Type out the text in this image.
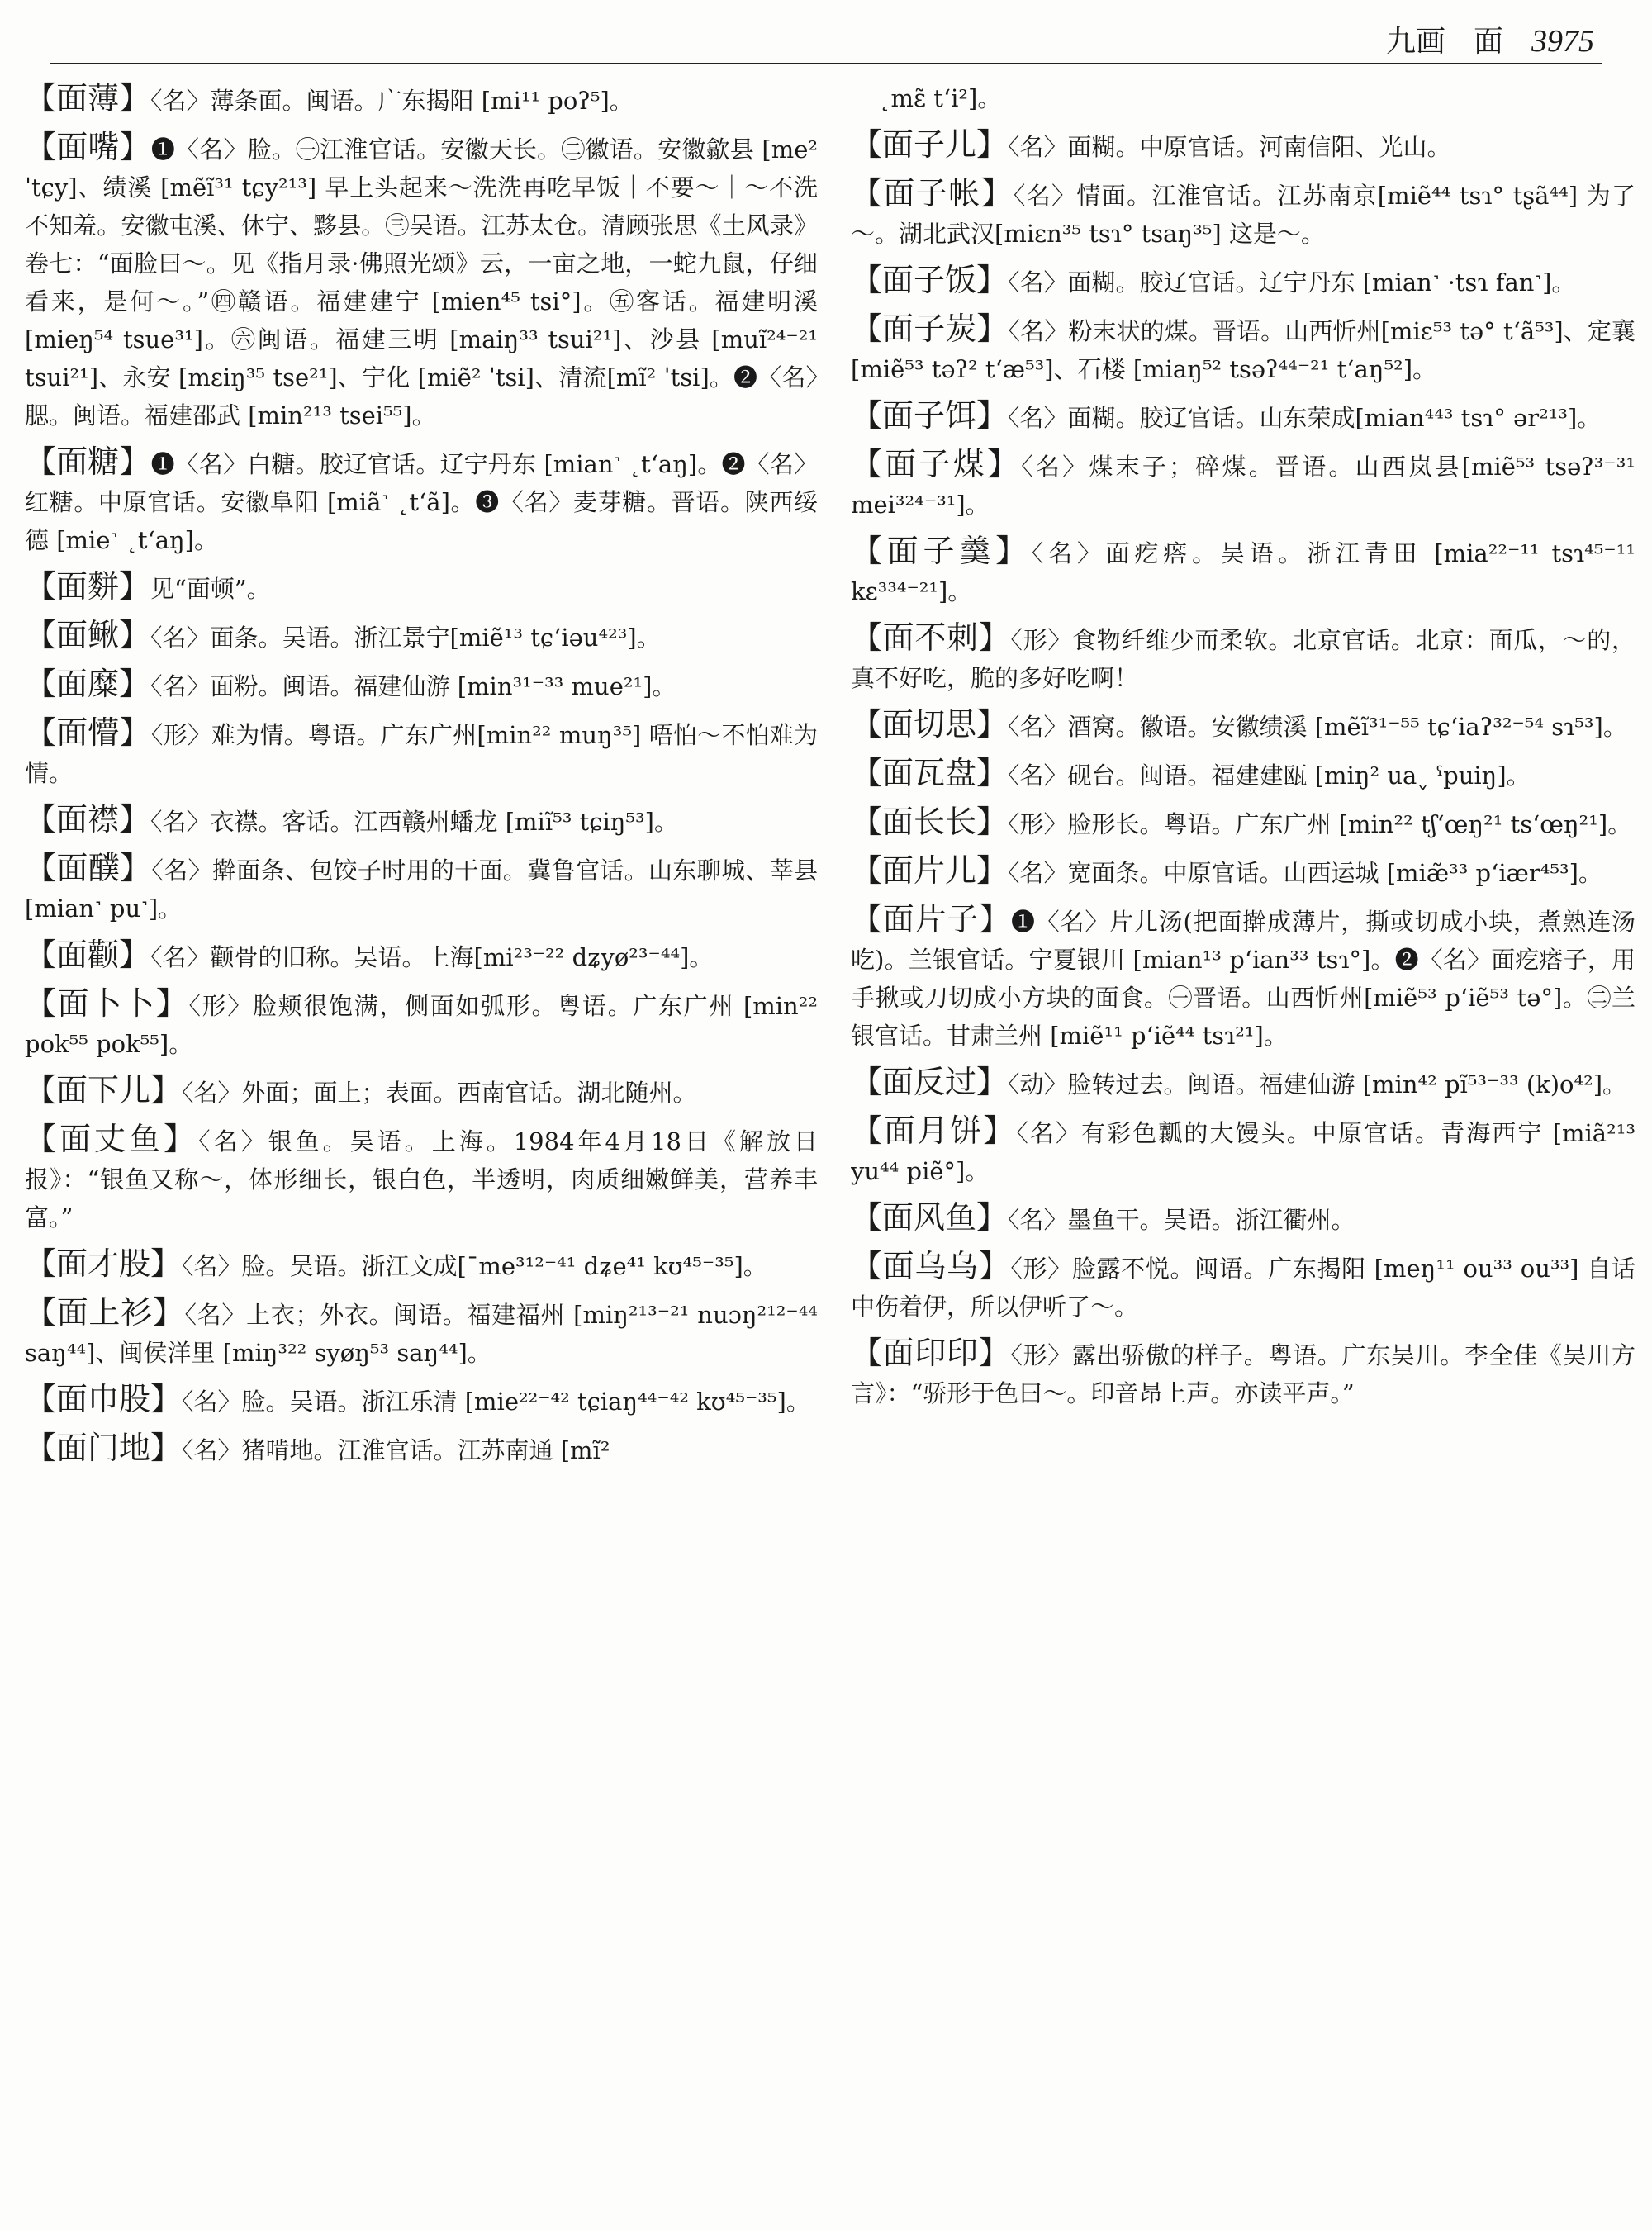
九画 面 3975
【面薄】〈名〉薄条面。闽语。广东揭阳 [mi¹¹ poʔ⁵]。
【面嘴】❶〈名〉脸。㊀江淮官话。安徽天长。㊁徽语。安徽歙县 [me² ˈtɕy]、绩溪 [mẽĩ³¹ tɕy²¹³] 早上头起来～洗洗再吃早饭｜不要～｜～不洗不知羞。安徽屯溪、休宁、黟县。㊂吴语。江苏太仓。清顾张思《土风录》卷七：“面脸曰～。见《指月录·佛照光颂》云，一亩之地，一蛇九鼠，仔细看来，是何～。”㊃赣语。福建建宁 [mien⁴⁵ tsi°]。㊄客话。福建明溪 [mieŋ⁵⁴ tsue³¹]。㊅闽语。福建三明 [maiŋ³³ tsui²¹]、沙县 [muĩ²⁴⁻²¹ tsui²¹]、永安 [mɛiŋ³⁵ tse²¹]、宁化 [miẽ² ˈtsi]、清流[mĩ² ˈtsi]。❷〈名〉腮。闽语。福建邵武 [min²¹³ tsei⁵⁵]。
【面糖】❶〈名〉白糖。胶辽官话。辽宁丹东 [mian˺ ˛tʻaŋ]。❷〈名〉红糖。中原官话。安徽阜阳 [miã˺ ˛tʻã]。❸〈名〉麦芽糖。晋语。陕西绥德 [mie˺ ˛tʻaŋ]。
【面䴵】见“面顿”。
【面鳅】〈名〉面条。吴语。浙江景宁[miẽ¹³ tɕʻiəu⁴²³]。
【面糜】〈名〉面粉。闽语。福建仙游 [min³¹⁻³³ mue²¹]。
【面懵】〈形〉难为情。粤语。广东广州[min²² muŋ³⁵] 唔怕～不怕难为情。
【面襟】〈名〉衣襟。客话。江西赣州蟠龙 [miĩ⁵³ tɕiŋ⁵³]。
【面醭】〈名〉擀面条、包饺子时用的干面。冀鲁官话。山东聊城、莘县 [mian˺ pu˺]。
【面颧】〈名〉颧骨的旧称。吴语。上海[mi²³⁻²² dʑyø²³⁻⁴⁴]。
【面卜卜】〈形〉脸颊很饱满，侧面如弧形。粤语。广东广州 [min²² pok⁵⁵ pok⁵⁵]。
【面下儿】〈名〉外面；面上；表面。西南官话。湖北随州。
【面丈鱼】〈名〉银鱼。吴语。上海。1984年4月18日《解放日报》：“银鱼又称～，体形细长，银白色，半透明，肉质细嫩鲜美，营养丰富。”
【面才股】〈名〉脸。吴语。浙江文成[ˉme³¹²⁻⁴¹ dʑe⁴¹ kʊ⁴⁵⁻³⁵]。
【面上衫】〈名〉上衣；外衣。闽语。福建福州 [miŋ²¹³⁻²¹ nuɔŋ²¹²⁻⁴⁴ saŋ⁴⁴]、闽侯洋里 [miŋ³²² syøŋ⁵³ saŋ⁴⁴]。
【面巾股】〈名〉脸。吴语。浙江乐清 [mie²²⁻⁴² tɕiaŋ⁴⁴⁻⁴² kʊ⁴⁵⁻³⁵]。
【面门地】〈名〉猪啃地。江淮官话。江苏南通 [mĩ²
˛mɛ̃ tʻi²]。
【面子儿】〈名〉面糊。中原官话。河南信阳、光山。
【面子帐】〈名〉情面。江淮官话。江苏南京[miẽ⁴⁴ tsɿ° tʂã⁴⁴] 为了～。湖北武汉[miɛn³⁵ tsɿ° tsaŋ³⁵] 这是～。
【面子饭】〈名〉面糊。胶辽官话。辽宁丹东 [mian˺ ·tsɿ fan˺]。
【面子炭】〈名〉粉末状的煤。晋语。山西忻州[miɛ⁵³ tə° tʻã⁵³]、定襄[miẽ⁵³ təʔ² tʻæ⁵³]、石楼 [miaŋ⁵² tsəʔ⁴⁴⁻²¹ tʻaŋ⁵²]。
【面子饵】〈名〉面糊。胶辽官话。山东荣成[mian⁴⁴³ tsɿ° ər²¹³]。
【面子煤】〈名〉煤末子；碎煤。晋语。山西岚县[miẽ⁵³ tsəʔ³⁻³¹ mei³²⁴⁻³¹]。
【面子羹】〈名〉面疙瘩。吴语。浙江青田 [mia²²⁻¹¹ tsɿ⁴⁵⁻¹¹ kɛ³³⁴⁻²¹]。
【面不刺】〈形〉食物纤维少而柔软。北京官话。北京：面瓜，～的，真不好吃，脆的多好吃啊！
【面切思】〈名〉酒窝。徽语。安徽绩溪 [mẽĩ³¹⁻⁵⁵ tɕʻiaʔ³²⁻⁵⁴ sɿ⁵³]。
【面瓦盘】〈名〉砚台。闽语。福建建瓯 [miŋ² ua˯ ˤpuiŋ]。
【面长长】〈形〉脸形长。粤语。广东广州 [min²² tʃʻœŋ²¹ tsʻœŋ²¹]。
【面片儿】〈名〉宽面条。中原官话。山西运城 [miæ̃³³ pʻiær⁴⁵³]。
【面片子】❶〈名〉片儿汤(把面擀成薄片，撕或切成小块，煮熟连汤吃)。兰银官话。宁夏银川 [mian¹³ pʻian³³ tsɿ°]。❷〈名〉面疙瘩子，用手揪或刀切成小方块的面食。㊀晋语。山西忻州[miẽ⁵³ pʻiẽ⁵³ tə°]。㊁兰银官话。甘肃兰州 [miẽ¹¹ pʻiẽ⁴⁴ tsɿ²¹]。
【面反过】〈动〉脸转过去。闽语。福建仙游 [min⁴² pĩ⁵³⁻³³ (k)o⁴²]。
【面月饼】〈名〉有彩色瓤的大馒头。中原官话。青海西宁 [miã²¹³ yu⁴⁴ piẽ°]。
【面风鱼】〈名〉墨鱼干。吴语。浙江衢州。
【面乌乌】〈形〉脸露不悦。闽语。广东揭阳 [meŋ¹¹ ou³³ ou³³] 自话中伤着伊，所以伊听了～。
【面印印】〈形〉露出骄傲的样子。粤语。广东吴川。李全佳《吴川方言》：“骄形于色曰～。印音昂上声。亦读平声。”
